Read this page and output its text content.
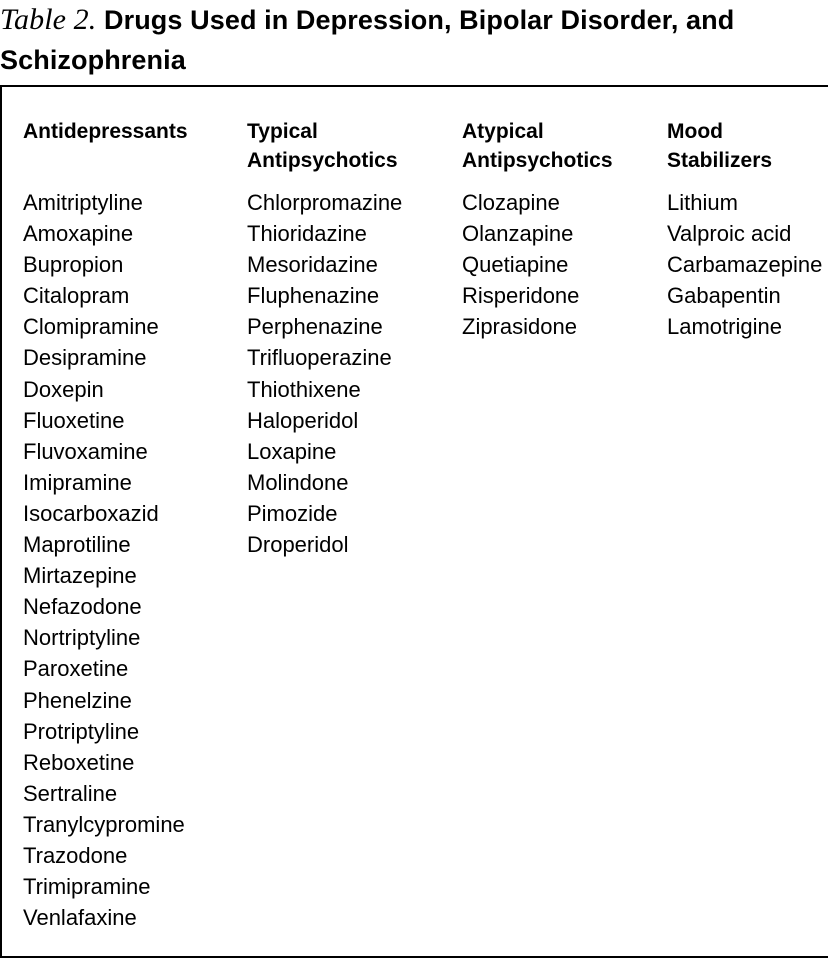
Table 2. Drugs Used in Depression, Bipolar Disorder, and Schizophrenia
Antidepressants
Amitriptyline
Amoxapine
Bupropion
Citalopram
Clomipramine
Desipramine
Doxepin
Fluoxetine
Fluvoxamine
Imipramine
Isocarboxazid
Maprotiline
Mirtazepine
Nefazodone
Nortriptyline
Paroxetine
Phenelzine
Protriptyline
Reboxetine
Sertraline
Tranylcypromine
Trazodone
Trimipramine
Venlafaxine
Typical
Antipsychotics
Chlorpromazine
Thioridazine
Mesoridazine
Fluphenazine
Perphenazine
Trifluoperazine
Thiothixene
Haloperidol
Loxapine
Molindone
Pimozide
Droperidol
Atypical
Antipsychotics
Clozapine
Olanzapine
Quetiapine
Risperidone
Ziprasidone
Mood
Stabilizers
Lithium
Valproic acid
Carbamazepine
Gabapentin
Lamotrigine
